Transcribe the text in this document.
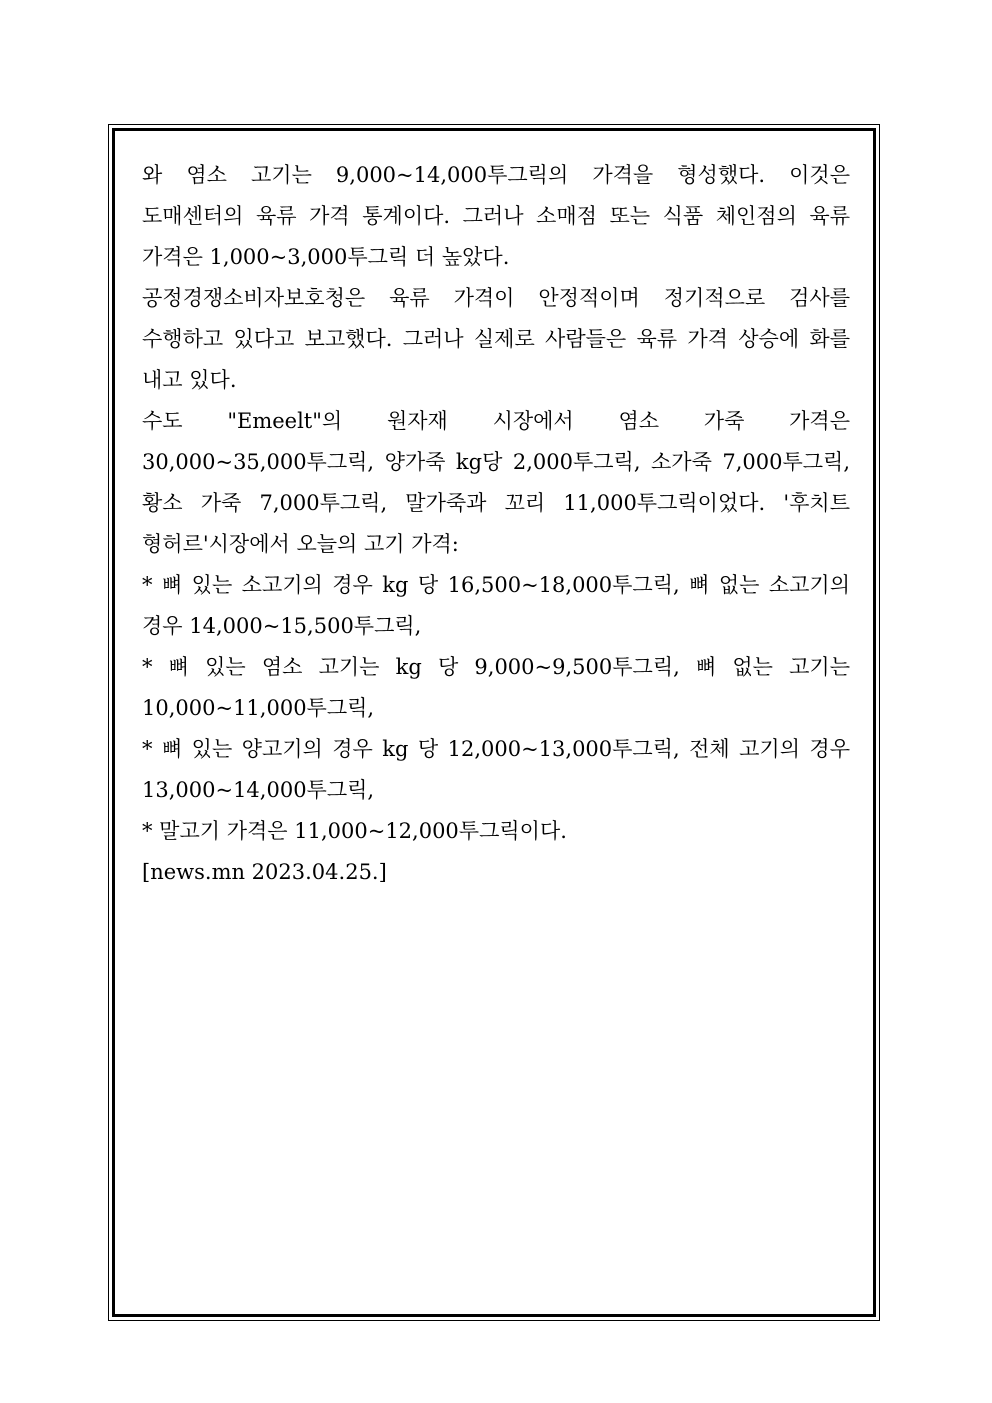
와 염소 고기는 9,000~14,000투그릭의 가격을 형성했다. 이것은 도매센터의 육류 가격 통계이다. 그러나 소매점 또는 식품 체인점의 육류 가격은 1,000~3,000투그릭 더 높았다.

공정경쟁소비자보호청은 육류 가격이 안정적이며 정기적으로 검사를 수행하고 있다고 보고했다. 그러나 실제로 사람들은 육류 가격 상승에 화를 내고 있다.

수도 "Emeelt"의 원자재 시장에서 염소 가죽 가격은 30,000~35,000투그릭, 양가죽 kg당 2,000투그릭, 소가죽 7,000투그릭, 황소 가죽 7,000투그릭, 말가죽과 꼬리 11,000투그릭이었다. '후치트 형허르'시장에서 오늘의 고기 가격:

* 뼈 있는 소고기의 경우 kg 당 16,500~18,000투그릭, 뼈 없는 소고기의 경우 14,000~15,500투그릭,

* 뼈 있는 염소 고기는 kg 당 9,000~9,500투그릭, 뼈 없는 고기는 10,000~11,000투그릭,

* 뼈 있는 양고기의 경우 kg 당 12,000~13,000투그릭, 전체 고기의 경우 13,000~14,000투그릭,

* 말고기 가격은 11,000~12,000투그릭이다.

[news.mn 2023.04.25.]
